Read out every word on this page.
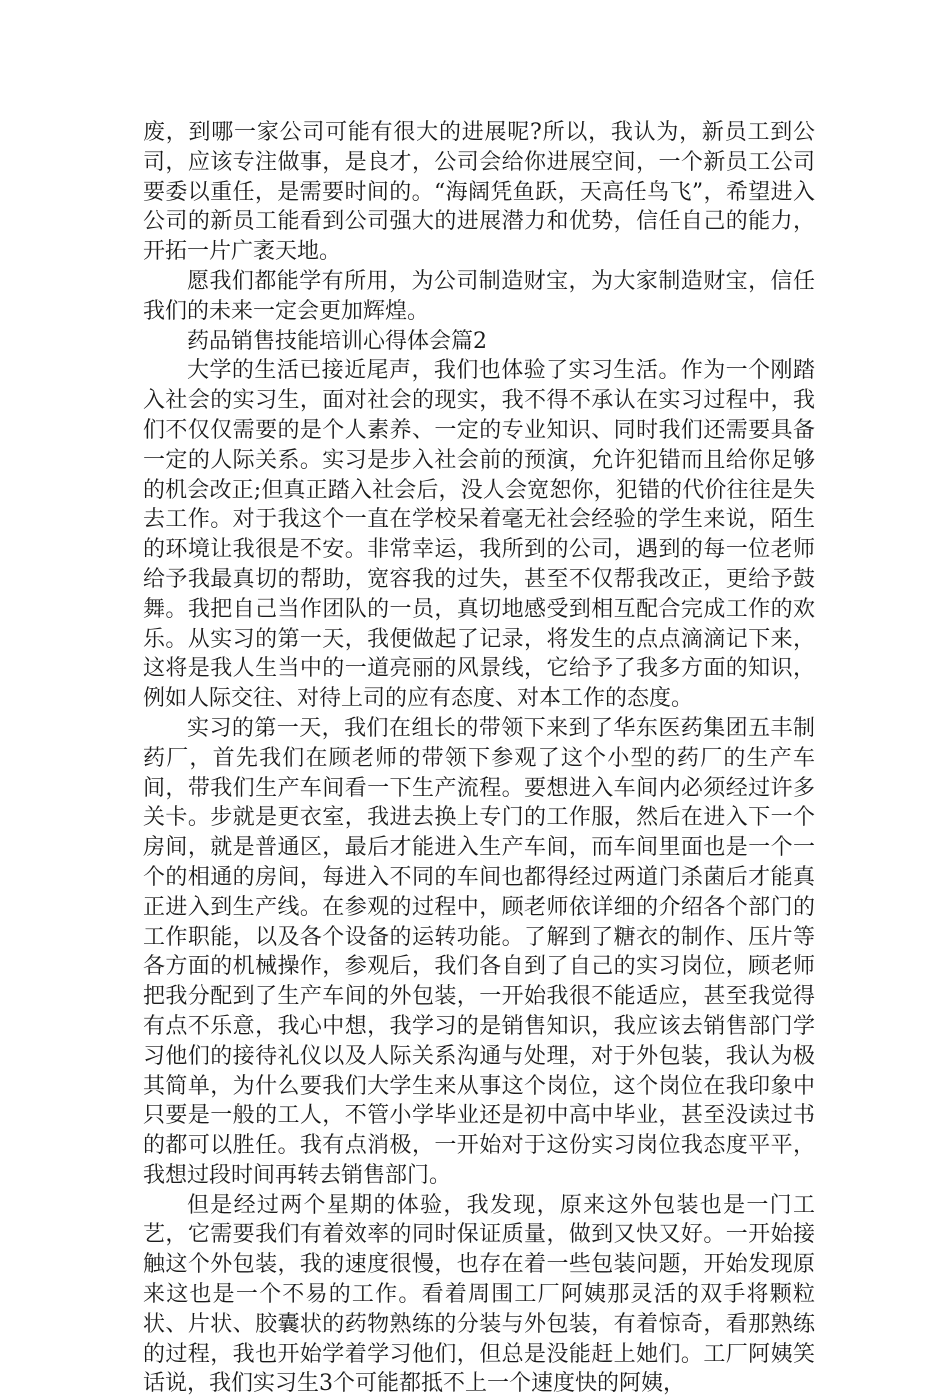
废，到哪一家公司可能有很大的进展呢?所以，我认为，新员工到公司，应该专注做事，是良才，公司会给你进展空间，一个新员工公司要委以重任，是需要时间的。“海阔凭鱼跃，天高任鸟飞”，希望进入公司的新员工能看到公司强大的进展潜力和优势，信任自己的能力，开拓一片广袤天地。

愿我们都能学有所用，为公司制造财宝，为大家制造财宝，信任我们的未来一定会更加辉煌。

药品销售技能培训心得体会篇2

大学的生活已接近尾声，我们也体验了实习生活。作为一个刚踏入社会的实习生，面对社会的现实，我不得不承认在实习过程中，我们不仅仅需要的是个人素养、一定的专业知识、同时我们还需要具备一定的人际关系。实习是步入社会前的预演，允许犯错而且给你足够的机会改正;但真正踏入社会后，没人会宽恕你，犯错的代价往往是失去工作。对于我这个一直在学校呆着毫无社会经验的学生来说，陌生的环境让我很是不安。非常幸运，我所到的公司，遇到的每一位老师给予我最真切的帮助，宽容我的过失，甚至不仅帮我改正，更给予鼓舞。我把自己当作团队的一员，真切地感受到相互配合完成工作的欢乐。从实习的第一天，我便做起了记录，将发生的点点滴滴记下来，这将是我人生当中的一道亮丽的风景线，它给予了我多方面的知识，例如人际交往、对待上司的应有态度、对本工作的态度。

实习的第一天，我们在组长的带领下来到了华东医药集团五丰制药厂，首先我们在顾老师的带领下参观了这个小型的药厂的生产车间，带我们生产车间看一下生产流程。要想进入车间内必须经过许多关卡。步就是更衣室，我进去换上专门的工作服，然后在进入下一个房间，就是普通区，最后才能进入生产车间，而车间里面也是一个一个的相通的房间，每进入不同的车间也都得经过两道门杀菌后才能真正进入到生产线。在参观的过程中，顾老师依详细的介绍各个部门的工作职能，以及各个设备的运转功能。了解到了糖衣的制作、压片等各方面的机械操作，参观后，我们各自到了自己的实习岗位，顾老师把我分配到了生产车间的外包装，一开始我很不能适应，甚至我觉得有点不乐意，我心中想，我学习的是销售知识，我应该去销售部门学习他们的接待礼仪以及人际关系沟通与处理，对于外包装，我认为极其简单，为什么要我们大学生来从事这个岗位，这个岗位在我印象中只要是一般的工人，不管小学毕业还是初中高中毕业，甚至没读过书的都可以胜任。我有点消极，一开始对于这份实习岗位我态度平平，我想过段时间再转去销售部门。

但是经过两个星期的体验，我发现，原来这外包装也是一门工艺，它需要我们有着效率的同时保证质量，做到又快又好。一开始接触这个外包装，我的速度很慢，也存在着一些包装问题，开始发现原来这也是一个不易的工作。看着周围工厂阿姨那灵活的双手将颗粒状、片状、胶囊状的药物熟练的分装与外包装，有着惊奇，看那熟练的过程，我也开始学着学习他们，但总是没能赶上她们。工厂阿姨笑话说，我们实习生3个可能都抵不上一个速度快的阿姨，
